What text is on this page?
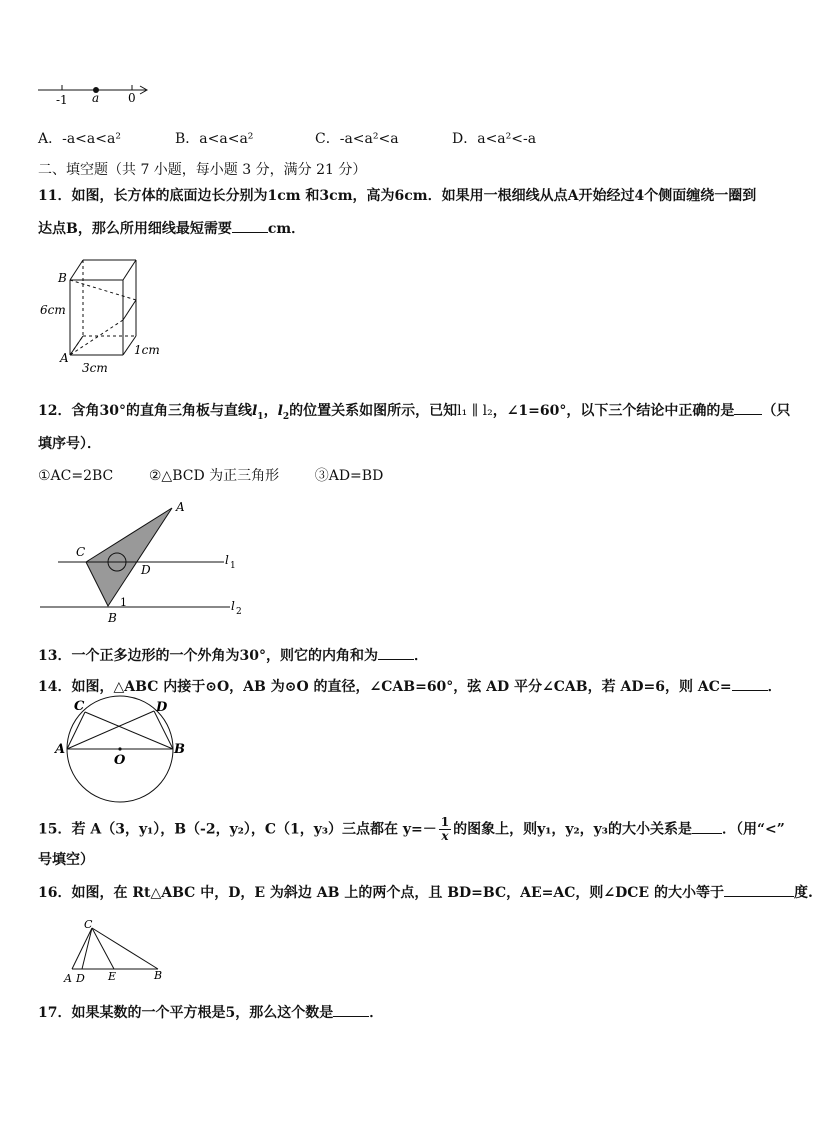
-1 a 0
A．-a<a<a²	B．a<a<a²	C．-a<a²<a	D．a<a²<-a
二、填空题（共 7 小题，每小题 3 分，满分 21 分）
11．如图，长方体的底面边长分别为1cm 和3cm，高为6cm．如果用一根细线从点A开始经过4个侧面缠绕一圈到
达点B，那么所用细线最短需要	cm．
B
A
6cm
3cm
1cm
12．含角30°的直角三角板与直线$l_1$，$l_2$的位置关系如图所示，已知l₁ ∥ l₂，∠1=60°，以下三个结论中正确的是 （只
填序号）．
①AC=2BC        ②△BCD 为正三角形        ③AD=BD
A
C
D
B
1
l 1
l 2
13．一个正多边形的一个外角为30°，则它的内角和为	．
14．如图，△ABC 内接于⊙O，AB 为⊙O 的直径，∠CAB=60°，弦 AD 平分∠CAB，若 AD=6，则 AC=	．
C	D
A	B
O
15．若 A（3，y₁），B（-2，y₂），C（1，y₃）三点都在 $y=- \frac{1}{x}$ 的图象上，则y₁，y₂，y₃的大小关系是 ．（用“<”
号填空）
16．如图，在 Rt△ABC 中，D，E 为斜边 AB 上的两个点，且 BD=BC，AE=AC，则∠DCE 的大小等于	度.
C
A D E	B
17．如果某数的一个平方根是5，那么这个数是	．
